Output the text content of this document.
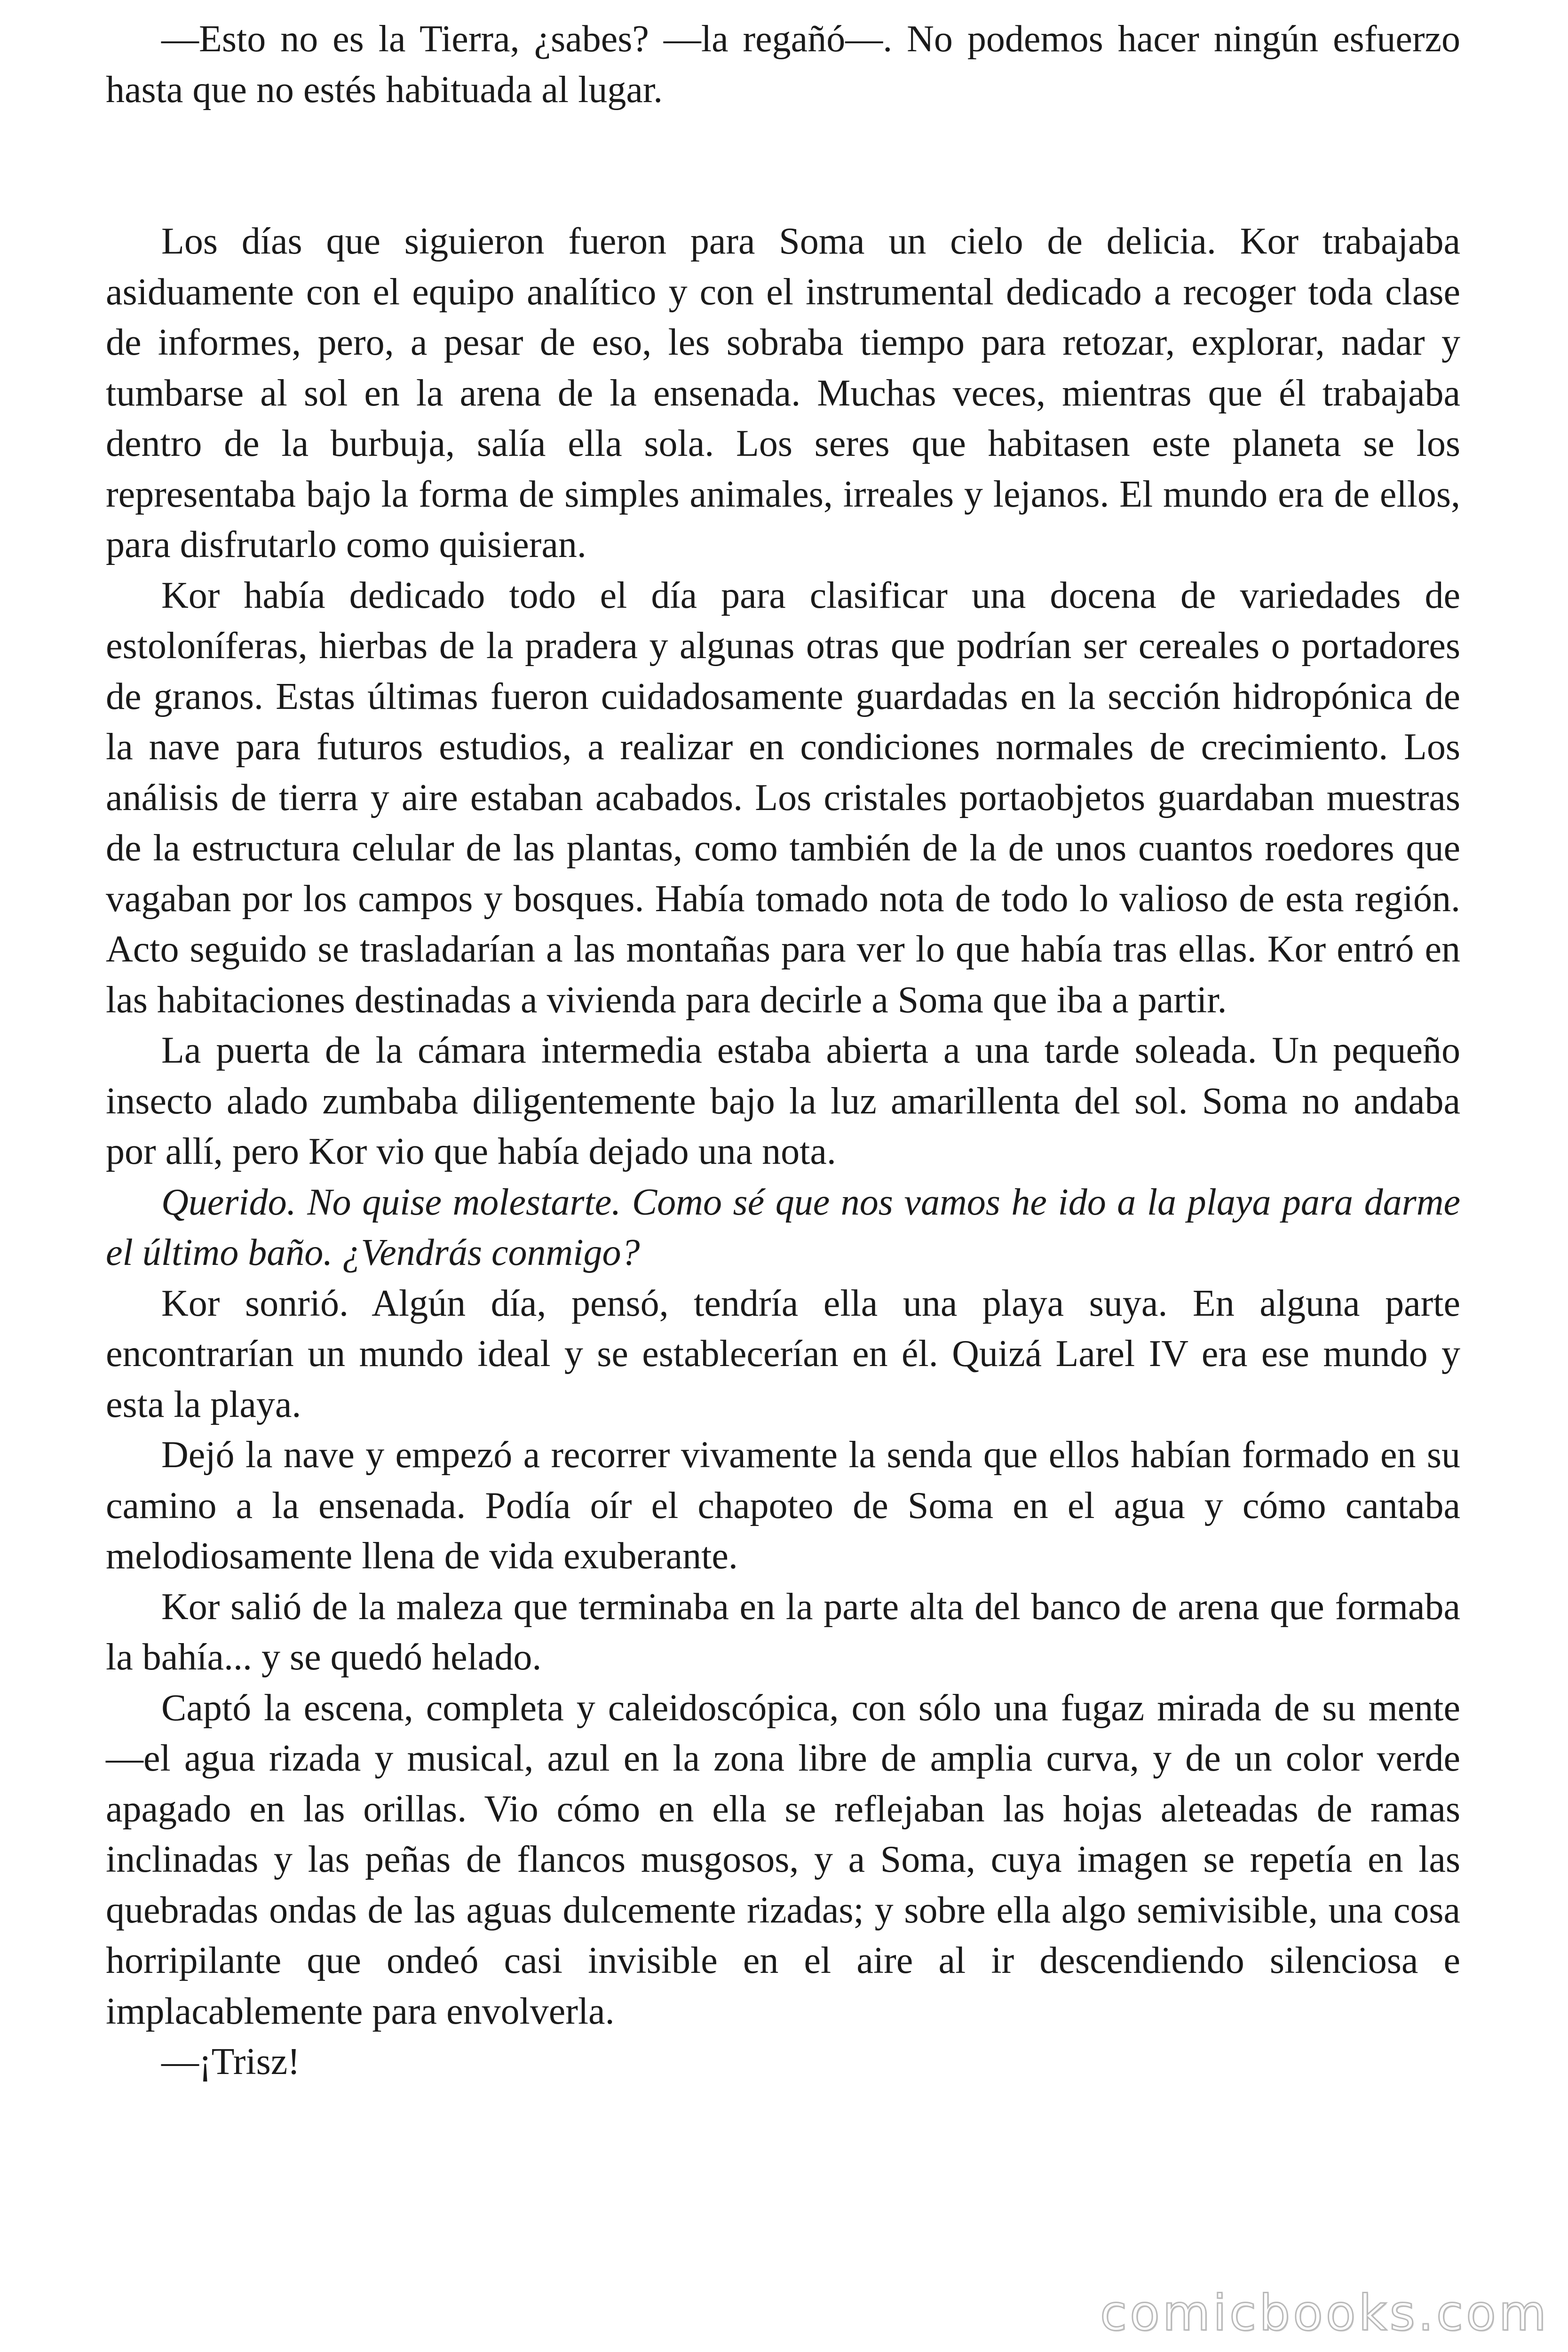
—Esto no es la Tierra, ¿sabes? —la regañó—. No podemos hacer ningún esfuerzo hasta que no estés habituada al lugar.

Los días que siguieron fueron para Soma un cielo de delicia. Kor trabajaba asiduamente con el equipo analítico y con el instrumental dedicado a recoger toda clase de informes, pero, a pesar de eso, les sobraba tiempo para retozar, explorar, nadar y tumbarse al sol en la arena de la ensenada. Muchas veces, mientras que él trabajaba dentro de la burbuja, salía ella sola. Los seres que habitasen este planeta se los representaba bajo la forma de simples animales, irreales y lejanos. El mundo era de ellos, para disfrutarlo como quisieran.

Kor había dedicado todo el día para clasificar una docena de variedades de estoloníferas, hierbas de la pradera y algunas otras que podrían ser cereales o portadores de granos. Estas últimas fueron cuidadosamente guardadas en la sección hidropónica de la nave para futuros estudios, a realizar en condiciones normales de crecimiento. Los análisis de tierra y aire estaban acabados. Los cristales portaobjetos guardaban muestras de la estructura celular de las plantas, como también de la de unos cuantos roedores que vagaban por los campos y bosques. Había tomado nota de todo lo valioso de esta región. Acto seguido se trasladarían a las montañas para ver lo que había tras ellas. Kor entró en las habitaciones destinadas a vivienda para decirle a Soma que iba a partir.

La puerta de la cámara intermedia estaba abierta a una tarde soleada. Un pequeño insecto alado zumbaba diligentemente bajo la luz amarillenta del sol. Soma no andaba por allí, pero Kor vio que había dejado una nota.

Querido. No quise molestarte. Como sé que nos vamos he ido a la playa para darme el último baño. ¿Vendrás conmigo?

Kor sonrió. Algún día, pensó, tendría ella una playa suya. En alguna parte encontrarían un mundo ideal y se establecerían en él. Quizá Larel IV era ese mundo y esta la playa.

Dejó la nave y empezó a recorrer vivamente la senda que ellos habían formado en su camino a la ensenada. Podía oír el chapoteo de Soma en el agua y cómo cantaba melodiosamente llena de vida exuberante.

Kor salió de la maleza que terminaba en la parte alta del banco de arena que formaba la bahía... y se quedó helado.

Captó la escena, completa y caleidoscópica, con sólo una fugaz mirada de su mente —el agua rizada y musical, azul en la zona libre de amplia curva, y de un color verde apagado en las orillas. Vio cómo en ella se reflejaban las hojas aleteadas de ramas inclinadas y las peñas de flancos musgosos, y a Soma, cuya imagen se repetía en las quebradas ondas de las aguas dulcemente rizadas; y sobre ella algo semivisible, una cosa horripilante que ondeó casi invisible en el aire al ir descendiendo silenciosa e implacablemente para envolverla.

—¡Trisz!

comicbooks.com
